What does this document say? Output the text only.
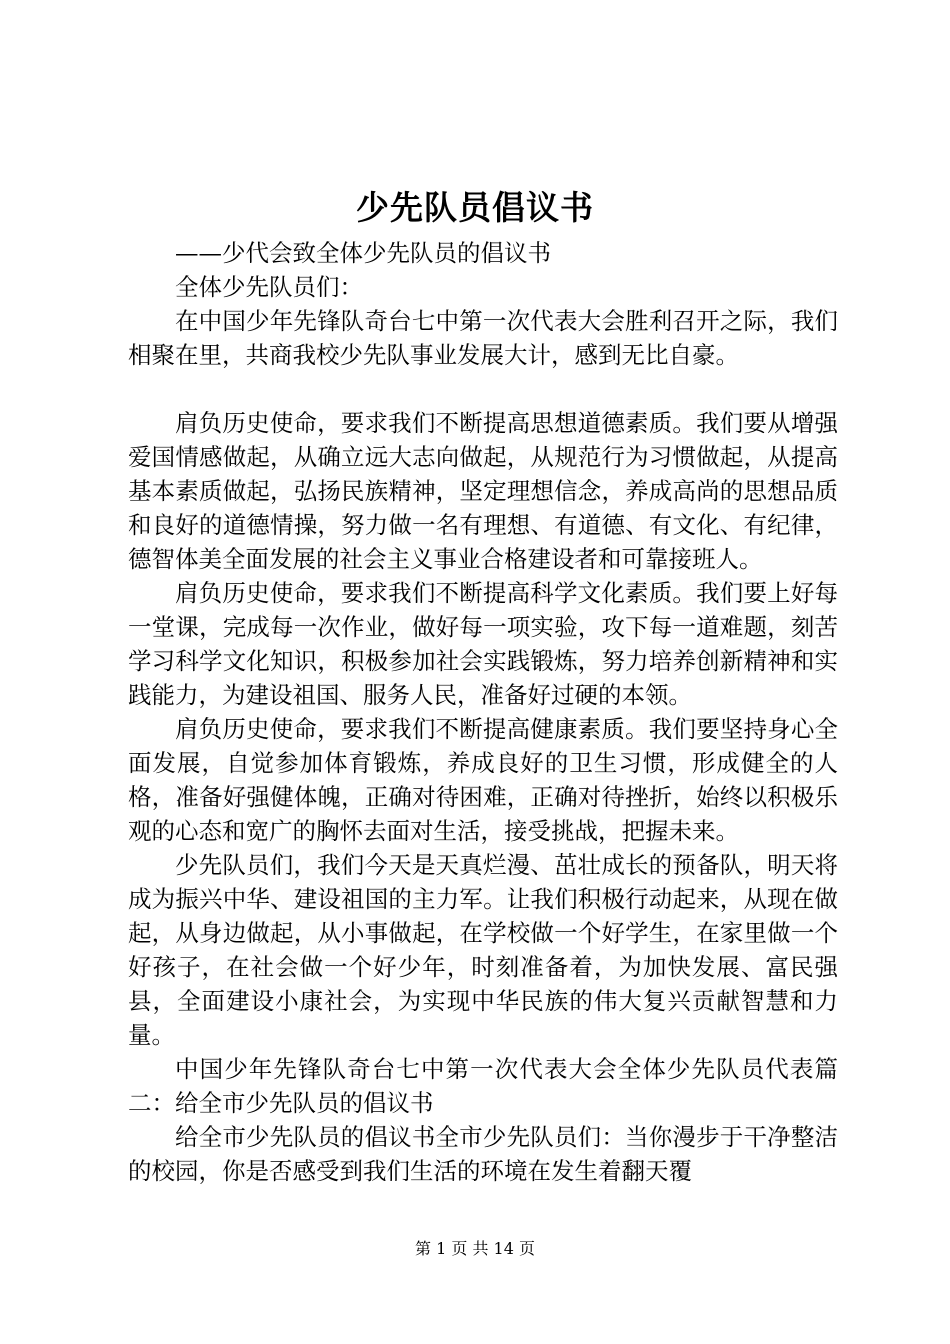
少先队员倡议书

——少代会致全体少先队员的倡议书

全体少先队员们：

在中国少年先锋队奇台七中第一次代表大会胜利召开之际，我们相聚在里，共商我校少先队事业发展大计，感到无比自豪。

肩负历史使命，要求我们不断提高思想道德素质。我们要从增强爱国情感做起，从确立远大志向做起，从规范行为习惯做起，从提高基本素质做起，弘扬民族精神，坚定理想信念，养成高尚的思想品质和良好的道德情操，努力做一名有理想、有道德、有文化、有纪律，德智体美全面发展的社会主义事业合格建设者和可靠接班人。

肩负历史使命，要求我们不断提高科学文化素质。我们要上好每一堂课，完成每一次作业，做好每一项实验，攻下每一道难题，刻苦学习科学文化知识，积极参加社会实践锻炼，努力培养创新精神和实践能力，为建设祖国、服务人民，准备好过硬的本领。

肩负历史使命，要求我们不断提高健康素质。我们要坚持身心全面发展，自觉参加体育锻炼，养成良好的卫生习惯，形成健全的人格，准备好强健体魄，正确对待困难，正确对待挫折，始终以积极乐观的心态和宽广的胸怀去面对生活，接受挑战，把握未来。

少先队员们，我们今天是天真烂漫、茁壮成长的预备队，明天将成为振兴中华、建设祖国的主力军。让我们积极行动起来，从现在做起，从身边做起，从小事做起，在学校做一个好学生，在家里做一个好孩子，在社会做一个好少年，时刻准备着，为加快发展、富民强县，全面建设小康社会，为实现中华民族的伟大复兴贡献智慧和力量。

中国少年先锋队奇台七中第一次代表大会全体少先队员代表篇二：给全市少先队员的倡议书

给全市少先队员的倡议书全市少先队员们：当你漫步于干净整洁的校园，你是否感受到我们生活的环境在发生着翻天覆

第 1 页 共 14 页
